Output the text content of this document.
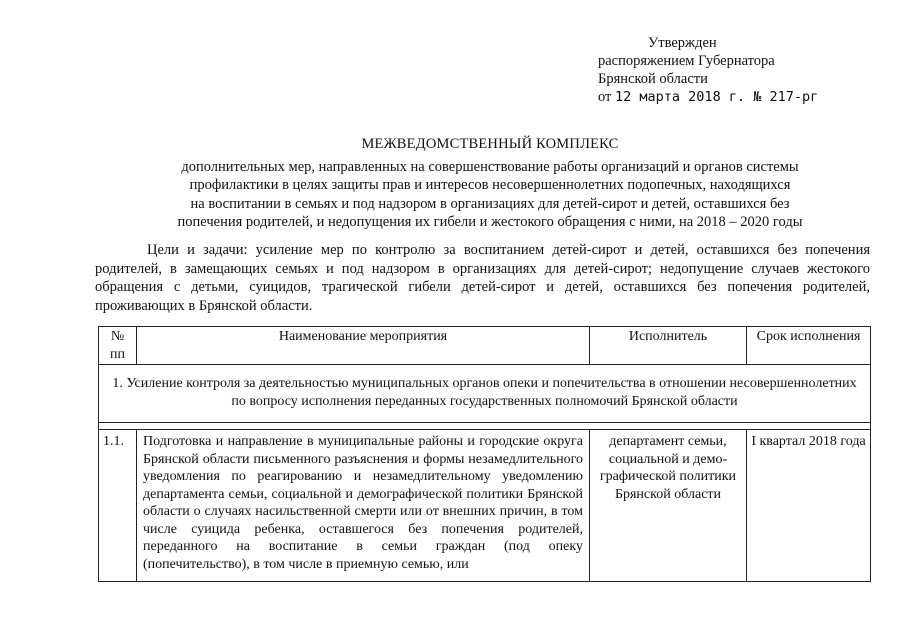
Утвержден
распоряжением Губернатора
Брянской области
от 12 марта 2018 г. № 217-рг
МЕЖВЕДОМСТВЕННЫЙ КОМПЛЕКС
дополнительных мер, направленных на совершенствование работы организаций и органов системы
профилактики в целях защиты прав и интересов несовершеннолетних подопечных, находящихся
на воспитании в семьях и под надзором в организациях для детей-сирот и детей, оставшихся без
попечения родителей, и недопущения их гибели и жестокого обращения с ними, на 2018 – 2020 годы
Цели и задачи: усиление мер по контролю за воспитанием детей-сирот и детей, оставшихся без попечения родителей, в замещающих семьях и под надзором в организациях для детей-сирот; недопущение случаев жестокого обращения с детьми, суицидов, трагической гибели детей-сирот и детей, оставшихся без попечения родителей, проживающих в Брянской области.
№ пп	Наименование мероприятия	Исполнитель	Срок исполнения
1. Усиление контроля за деятельностью муниципальных органов опеки и попечительства в отношении несовершеннолетних по вопросу исполнения переданных государственных полномочий Брянской области			

1.1.	Подготовка и направление в муниципальные районы и городские округа Брянской области письменного разъяснения и формы незамедлительного уведомления по реагированию и незамедлительному уведомлению департамента семьи, социальной и демографической политики Брянской области о случаях насильственной смерти или от внешних причин, в том числе суицида ребенка, оставшегося без попечения родителей, переданного на воспитание в семьи граждан (под опеку (попечительство), в том числе в приемную семью, или	департамент семьи, социальной и демо-графической политики Брянской области	I квартал 2018 года
